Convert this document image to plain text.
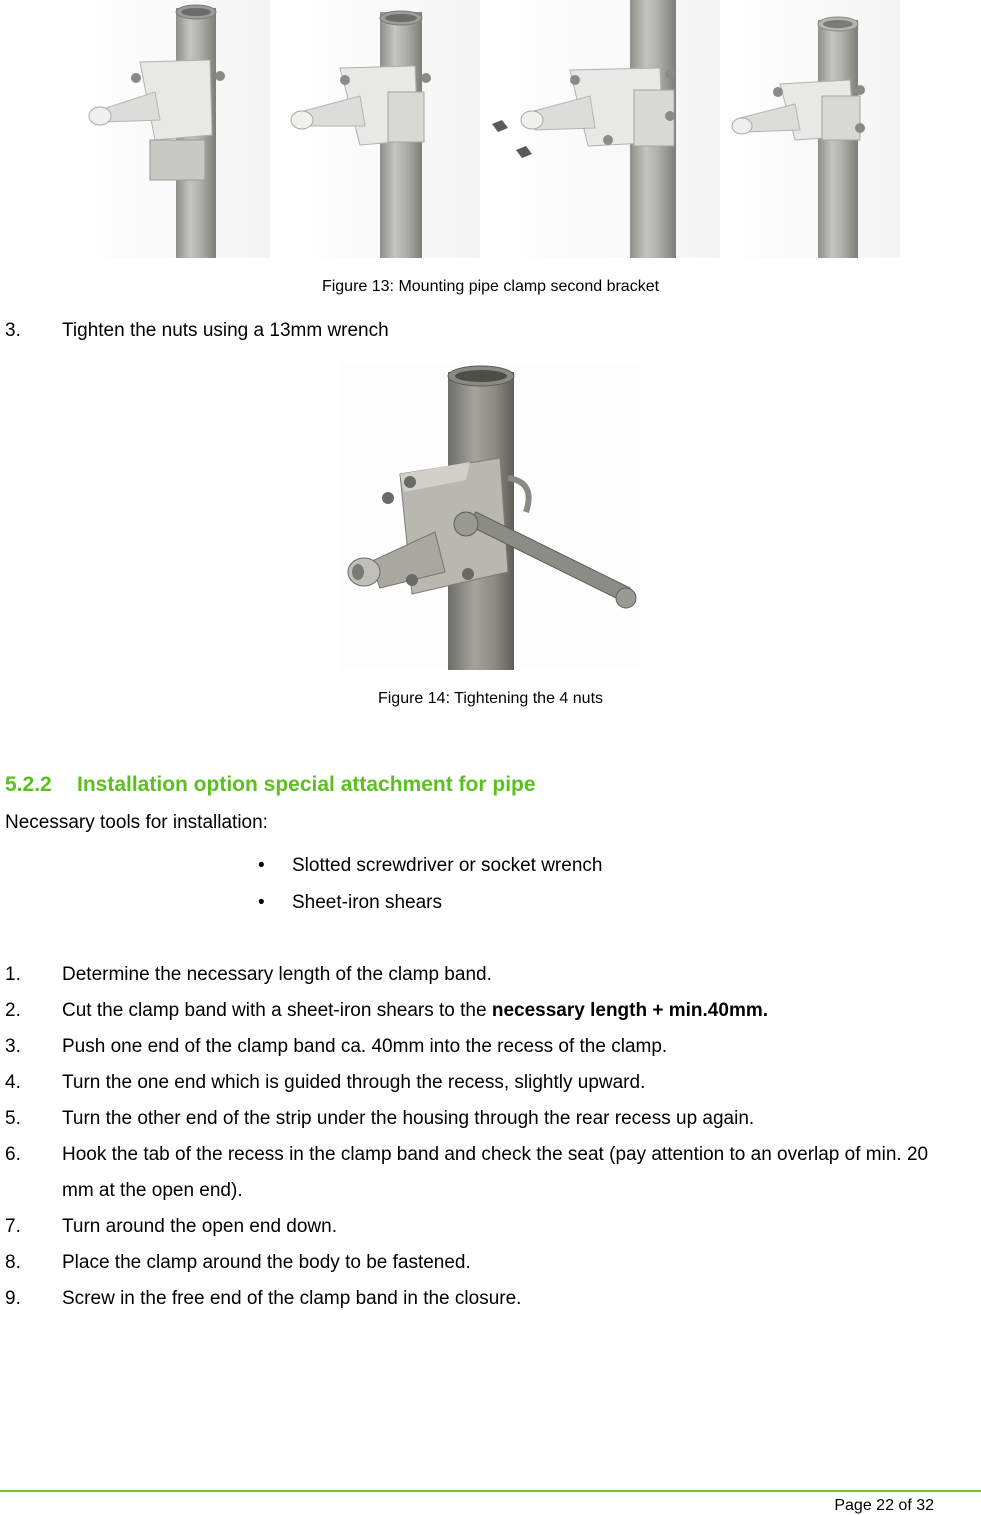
Figure 13: Mounting pipe clamp second bracket
3. Tighten the nuts using a 13mm wrench
Figure 14: Tightening the 4 nuts
5.2.2 Installation option special attachment for pipe
Necessary tools for installation:
• Slotted screwdriver or socket wrench
• Sheet-iron shears
1. Determine the necessary length of the clamp band.
2. Cut the clamp band with a sheet-iron shears to the necessary length + min.40mm.
3. Push one end of the clamp band ca. 40mm into the recess of the clamp.
4. Turn the one end which is guided through the recess, slightly upward.
5. Turn the other end of the strip under the housing through the rear recess up again.
6. Hook the tab of the recess in the clamp band and check the seat (pay attention to an overlap of min. 20 mm at the open end).
7. Turn around the open end down.
8. Place the clamp around the body to be fastened.
9. Screw in the free end of the clamp band in the closure.
Page 22 of 32
